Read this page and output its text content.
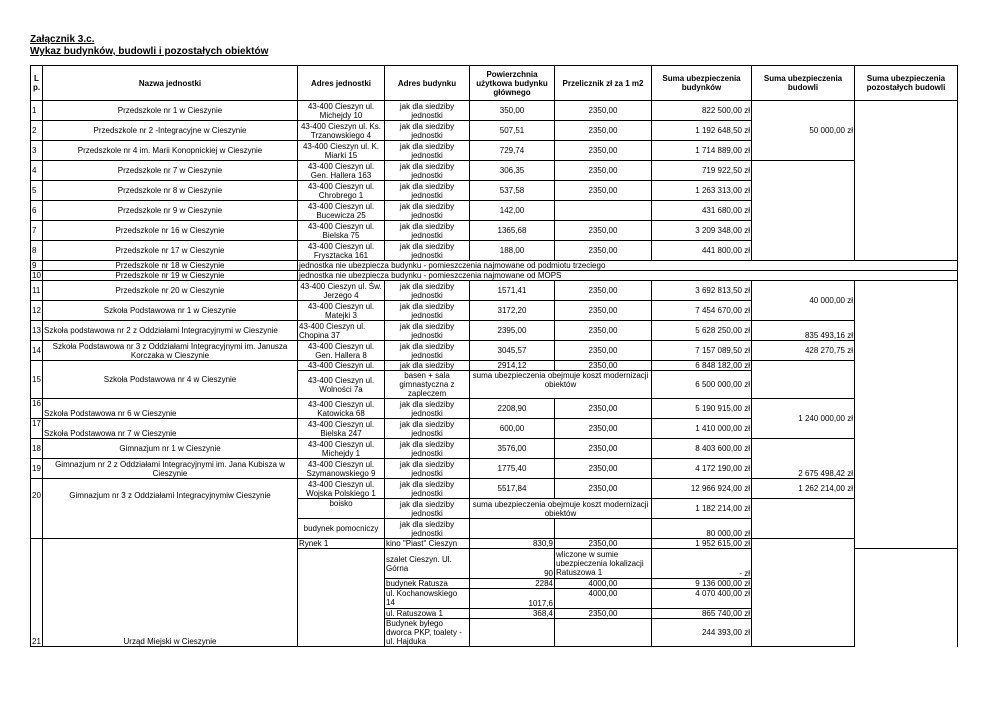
Załącznik 3.c.
Wykaz budynków, budowli i pozostałych obiektów
Lp.	Nazwa jednostki	Adres jednostki	Adres budynku	Powierzchnia użytkowa budynku głównego	Przelicznik zł za 1 m2	Suma ubezpieczenia budynków	Suma ubezpieczenia budowli	Suma ubezpieczenia pozostałych budowli	
1	Przedszkole nr 1 w Cieszynie	43-400 Cieszyn ul. Michejdy 10	jak dla siedziby jednostki	350,00	2350,00	822 500,00 zł	50 000,00 zł		
2	Przedszkole nr 2 -Integracyjne w Cieszynie	43-400 Cieszyn ul. Ks. Trzanowskiego 4	jak dla siedziby jednostki	507,51	2350,00	1 192 648,50 zł			
3	Przedszkole nr 4 im. Marii Konopnickiej w Cieszynie	43-400 Cieszyn ul. K. Miarki 15	jak dla siedziby jednostki	729,74	2350,00	1 714 889,00 zł			
4	Przedszkole nr 7 w Cieszynie	43-400 Cieszyn ul. Gen. Hallera 163	jak dla siedziby jednostki	306,35	2350,00	719 922,50 zł			
5	Przedszkole nr 8 w Cieszynie	43-400 Cieszyn ul. Chrobrego 1	jak dla siedziby jednostki	537,58	2350,00	1 263 313,00 zł			
6	Przedszkole nr 9 w Cieszynie	43-400 Cieszyn ul. Bucewicza 25	jak dla siedziby jednostki	142,00		431 680,00 zł			
7	Przedszkole nr 16 w Cieszynie	43-400 Cieszyn ul. Bielska 75	jak dla siedziby jednostki	1365,68	2350,00	3 209 348,00 zł			
8	Przedszkole nr 17 w Cieszynie	43-400 Cieszyn ul. Frysztacka 161	jak dla siedziby jednostki	188,00	2350,00	441 800,00 zł			
9	Przedszkole nr 18 w Cieszynie	jednostka nie ubezpiecza budynku - pomieszczenia najmowane od podmiotu trzeciego							
10	Przedszkole nr 19 w Cieszynie	jednostka nie ubezpiecza budynku - pomieszczenia najmowane od MOPS							
11	Przedszkole nr 20 w Cieszynie	43-400 Cieszyn ul. Św. Jerzego 4	jak dla siedziby jednostki	1571,41	2350,00	3 692 813,50 zł	40 000,00 zł		
12	Szkoła Podstawowa nr 1 w Cieszynie	43-400 Cieszyn ul. Matejki 3	jak dla siedziby jednostki	3172,20	2350,00	7 454 670,00 zł			
13	Szkoła podstawowa nr 2 z Oddziałami Integracyjnymi w Cieszynie	43-400 Cieszyn ul. Chopina 37	jak dla siedziby jednostki	2395,00	2350,00	5 628 250,00 zł	835 493,16 zł		
14	Szkoła Podstawowa nr 3 z Oddziałami Integracyjnymi im. Janusza Korczaka w Cieszynie	43-400 Cieszyn ul. Gen. Hallera 8	jak dla siedziby jednostki	3045,57	2350,00	7 157 089,50 zł	428 270,75 zł		
15	Szkoła Podstawowa nr 4 w Cieszynie	43-400 Cieszyn ul.	jak dla siedziby	2914,12	2350,00	6 848 182,00 zł			
		43-400 Cieszyn ul. Wolności 7a	basen + sala gimnastyczna z zapleczem	suma ubezpieczenia obejmuje koszt modernizacji obiektów		6 500 000,00 zł			
16	Szkoła Podstawowa nr 6 w Cieszynie	43-400 Cieszyn ul. Katowicka 68	jak dla siedziby jednostki	2208,90	2350,00	5 190 915,00 zł	1 240 000,00 zł		
17	Szkoła Podstawowa nr 7 w Cieszynie	43-400 Cieszyn ul. Bielska 247	jak dla siedziby jednostki	600,00	2350,00	1 410 000,00 zł			
18	Gimnazjum nr 1 w Cieszynie	43-400 Cieszyn ul. Michejdy 1	jak dla siedziby jednostki	3576,00	2350,00	8 403 600,00 zł	2 675 498,42 zł		
19	Gimnazjum nr 2 z Oddziałami Integracyjnymi im. Jana Kubisza w Cieszynie	43-400 Cieszyn ul. Szymanowskiego 9	jak dla siedziby jednostki	1775,40	2350,00	4 172 190,00 zł			
20	Gimnazjum nr 3 z Oddziałami Integracyjnymiw Cieszynie	43-400 Cieszyn ul. Wojska Polskiego 1	jak dla siedziby jednostki	5517,84	2350,00	12 966 924,00 zł	1 262 214,00 zł		
		boisko	jak dla siedziby jednostki	suma ubezpieczenia obejmuje koszt modernizacji obiektów		1 182 214,00 zł			
		budynek pomocniczy	jak dla siedziby jednostki			80 000,00 zł			
21	Urząd Miejski w Cieszynie	Rynek 1	kino "Piast" Cieszyn	830,9	2350,00	1 952 615,00 zł			
			szalet Cieszyn. Ul. Górna	90	wliczone w sumie ubezpieczenia lokalizacji Ratuszowa 1	- zł			
			budynek Ratusza	2284	4000,00	9 136 000,00 zł			
			ul. Kochanowskiego 14	1017,6	4000,00	4 070 400,00 zł			
			ul. Ratuszowa 1	368,4	2350,00	865 740,00 zł			
			Budynek byłego dworca PKP, toalety - ul. Hajduka			244 393,00 zł			
